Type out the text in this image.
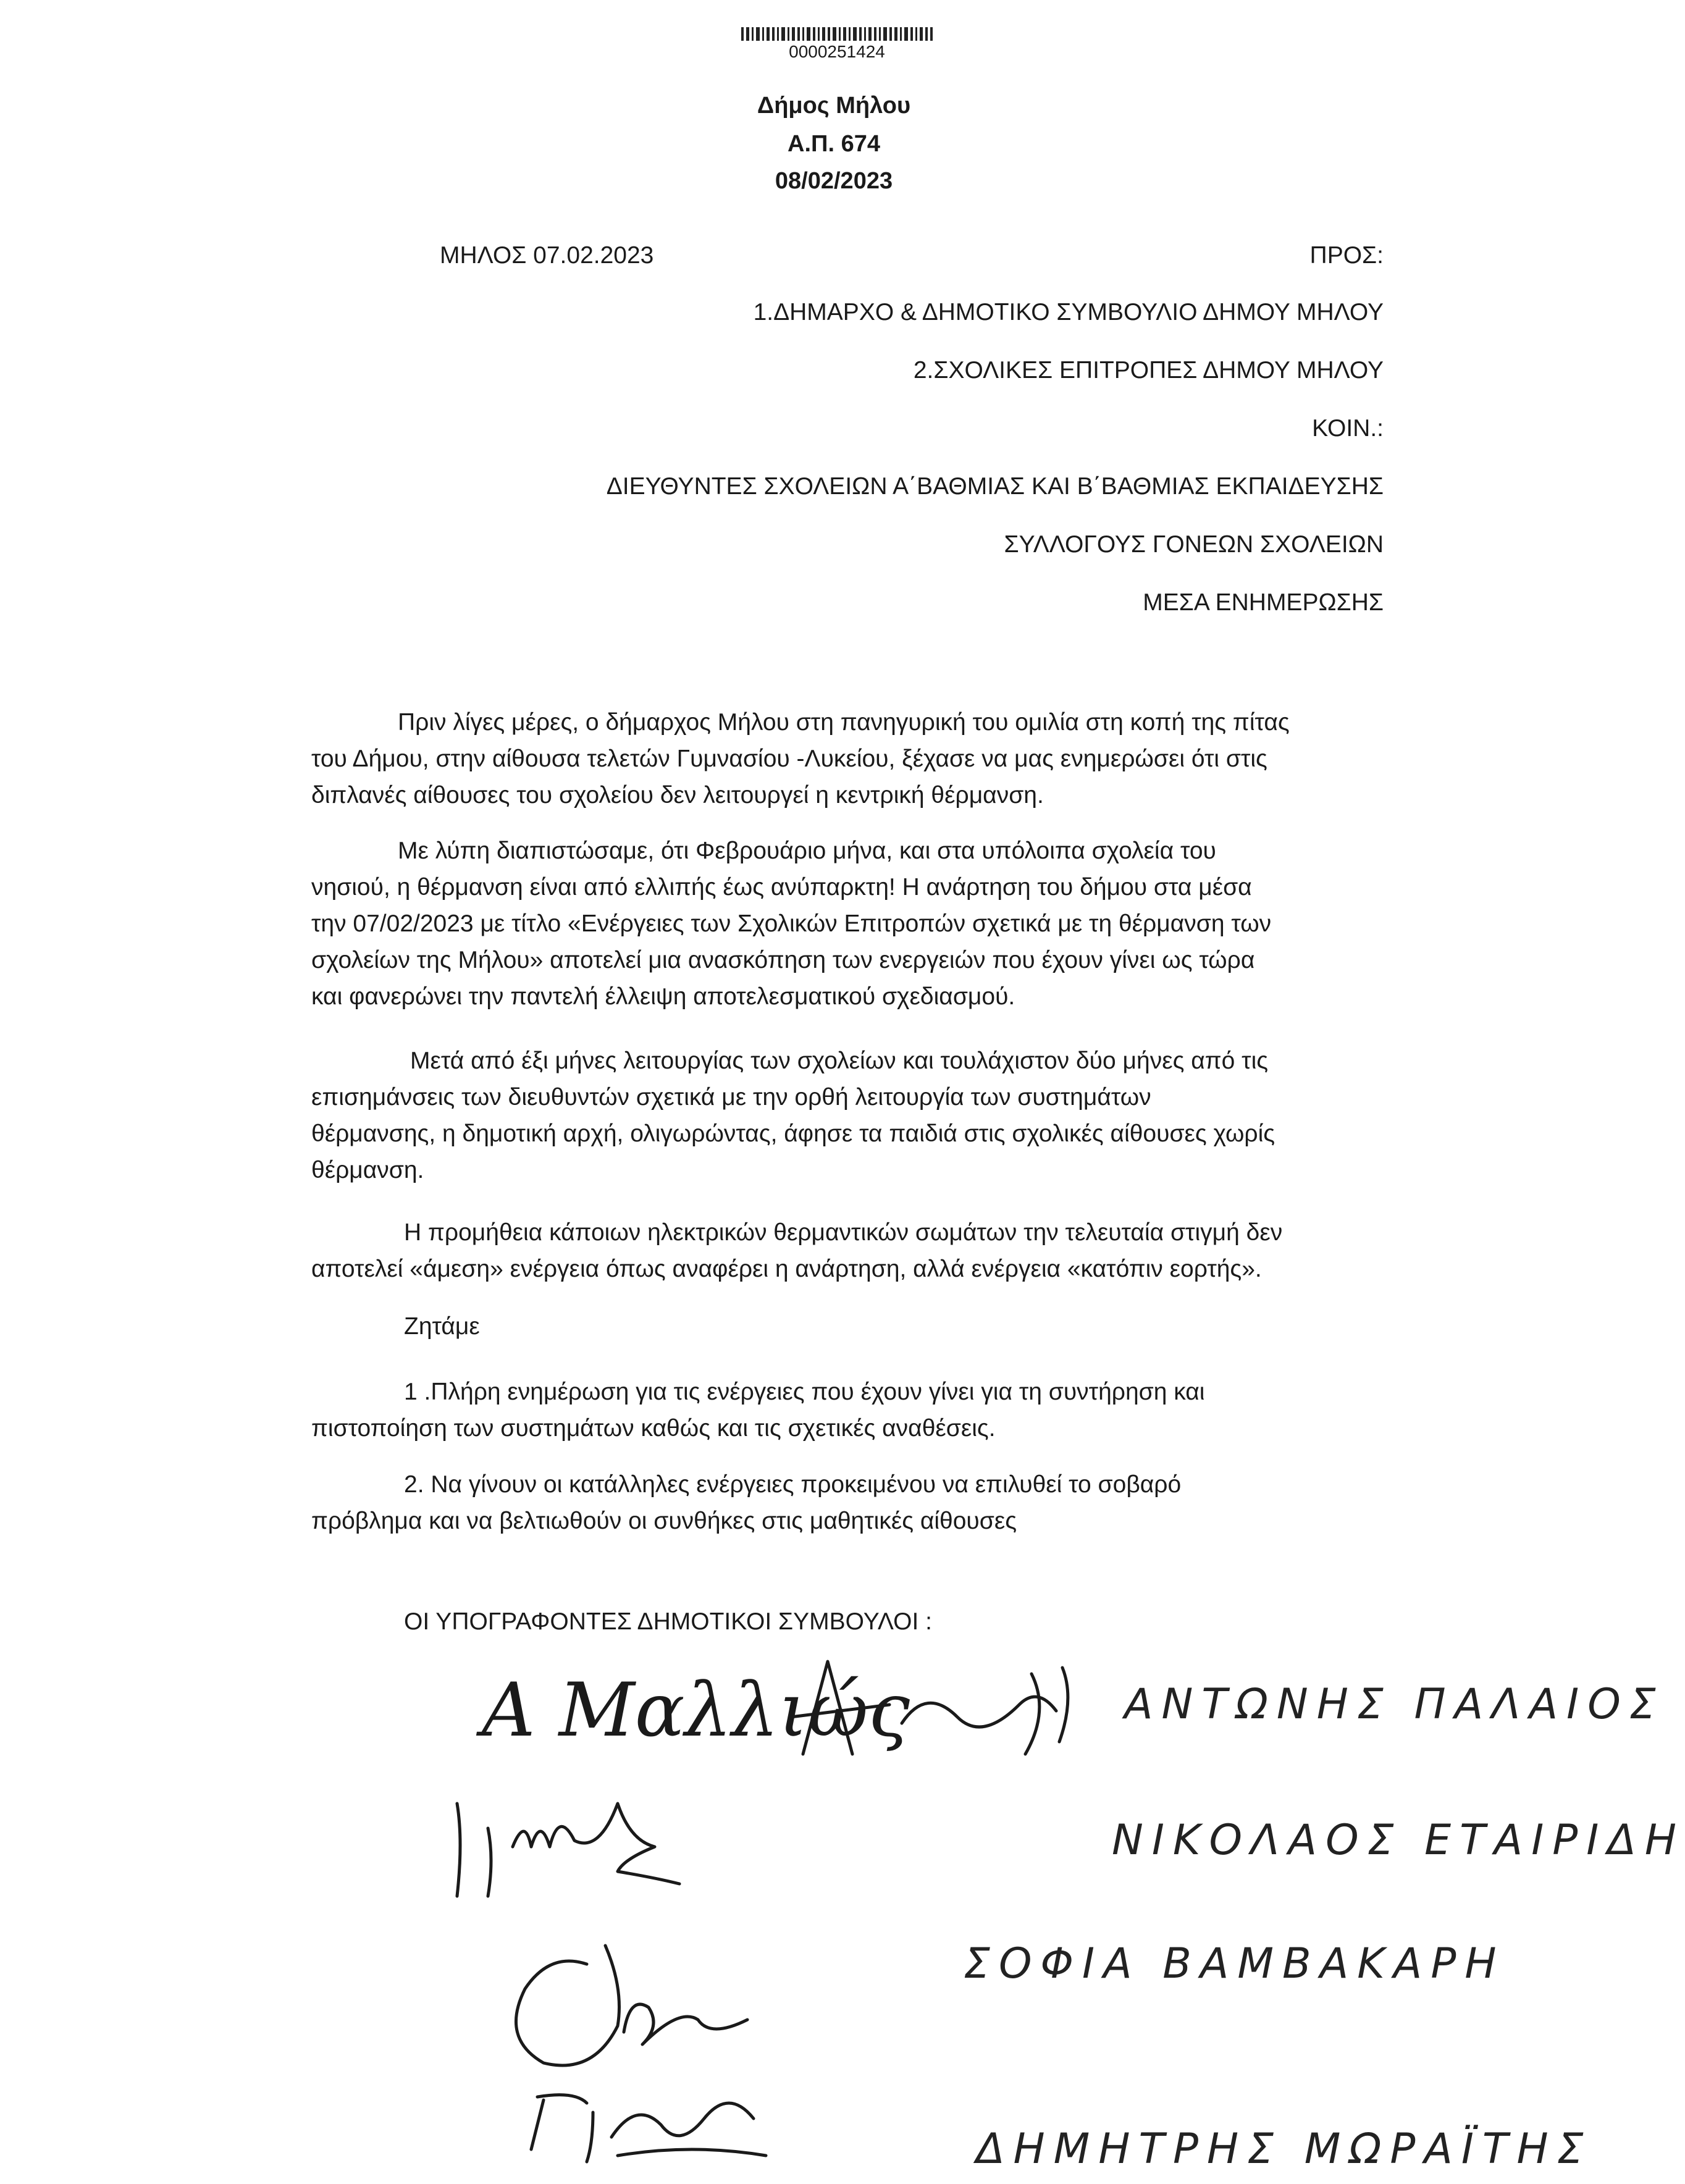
0000251424
Δήμος Μήλου
Α.Π. 674
08/02/2023
ΜΗΛΟΣ 07.02.2023	ΠΡΟΣ:
1.ΔΗΜΑΡΧΟ & ΔΗΜΟΤΙΚΟ ΣΥΜΒΟΥΛΙΟ ΔΗΜΟΥ ΜΗΛΟΥ
2.ΣΧΟΛΙΚΕΣ ΕΠΙΤΡΟΠΕΣ ΔΗΜΟΥ ΜΗΛΟΥ
ΚΟΙΝ.:
ΔΙΕΥΘΥΝΤΕΣ ΣΧΟΛΕΙΩΝ Α΄ΒΑΘΜΙΑΣ ΚΑΙ Β΄ΒΑΘΜΙΑΣ ΕΚΠΑΙΔΕΥΣΗΣ
ΣΥΛΛΟΓΟΥΣ ΓΟΝΕΩΝ ΣΧΟΛΕΙΩΝ
ΜΕΣΑ ΕΝΗΜΕΡΩΣΗΣ

Πριν λίγες μέρες, ο δήμαρχος Μήλου στη πανηγυρική του ομιλία στη κοπή της πίτας

του Δήμου, στην αίθουσα τελετών Γυμνασίου -Λυκείου, ξέχασε να μας ενημερώσει ότι στις

διπλανές αίθουσες του σχολείου δεν λειτουργεί η κεντρική θέρμανση.

Με λύπη διαπιστώσαμε, ότι Φεβρουάριο μήνα, και στα υπόλοιπα σχολεία του

νησιού, η θέρμανση είναι από ελλιπής έως ανύπαρκτη! Η ανάρτηση του δήμου στα μέσα

την 07/02/2023 με τίτλο «Ενέργειες των Σχολικών Επιτροπών σχετικά με τη θέρμανση των

σχολείων της Μήλου» αποτελεί μια ανασκόπηση των ενεργειών που έχουν γίνει ως τώρα

και φανερώνει την παντελή έλλειψη αποτελεσματικού σχεδιασμού.

Μετά από έξι μήνες λειτουργίας των σχολείων και τουλάχιστον δύο μήνες από τις

επισημάνσεις των διευθυντών σχετικά με την ορθή λειτουργία των συστημάτων

θέρμανσης, η δημοτική αρχή, ολιγωρώντας, άφησε τα παιδιά στις σχολικές αίθουσες χωρίς

θέρμανση.

Η προμήθεια κάποιων ηλεκτρικών θερμαντικών σωμάτων την τελευταία στιγμή δεν

αποτελεί «άμεση» ενέργεια όπως αναφέρει η ανάρτηση, αλλά ενέργεια «κατόπιν εορτής».

Ζητάμε

1 .Πλήρη ενημέρωση για τις ενέργειες που έχουν γίνει για τη συντήρηση και

πιστοποίηση των συστημάτων καθώς και τις σχετικές αναθέσεις.

2. Να γίνουν οι κατάλληλες ενέργειες προκειμένου να επιλυθεί το σοβαρό

πρόβλημα και να βελτιωθούν οι συνθήκες στις μαθητικές αίθουσες

ΟΙ ΥΠΟΓΡΑΦΟΝΤΕΣ ΔΗΜΟΤΙΚΟΙ ΣΥΜΒΟΥΛΟΙ :
Α Μαλλιώς	ΑΝΤΩΝΗΣ ΠΑΛΑΙΟΣ
ΝΙΚΟΛΑΟΣ ΕΤΑΙΡΙΔΗ
ΣΟΦΙΑ ΒΑΜΒΑΚΑΡΗ
ΔΗΜΗΤΡΗΣ ΜΩΡΑΪΤΗΣ
